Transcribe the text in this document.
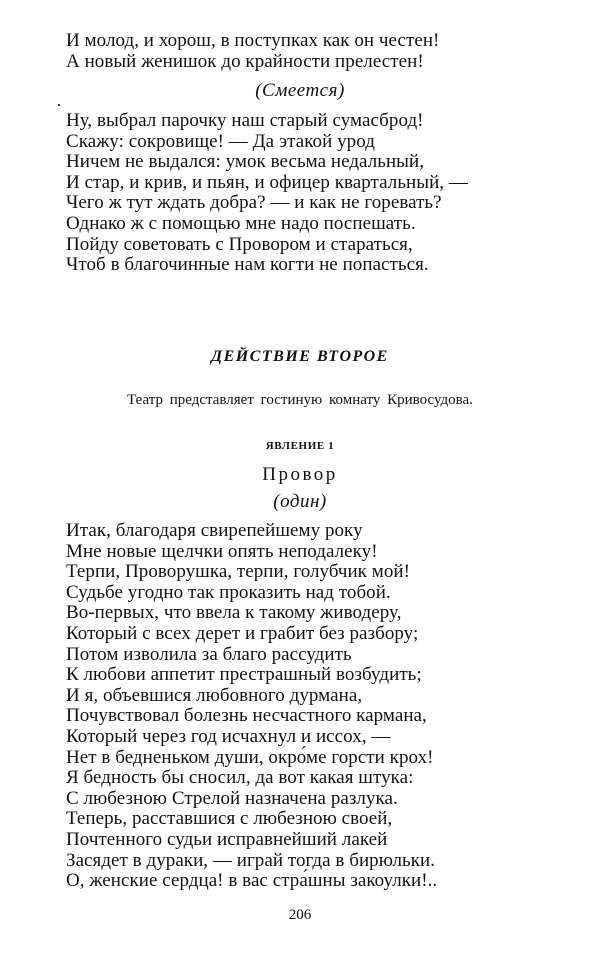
И молод, и хорош, в поступках как он честен!
А новый женишок до крайности прелестен!
(Смеется)
Ну, выбрал парочку наш старый сумасброд!
Скажу: сокровище! — Да этакой урод
Ничем не выдался: умок весьма недальный,
И стар, и крив, и пьян, и офицер квартальный, —
Чего ж тут ждать добра? — и как не горевать?
Однако ж с помощью мне надо поспешать.
Пойду советовать с Провором и стараться,
Чтоб в благочинные нам когти не попасться.
ДЕЙСТВИЕ ВТОРОЕ
Театр представляет гостиную комнату Кривосудова.
ЯВЛЕНИЕ 1
Провор
(один)
Итак, благодаря свирепейшему року
Мне новые щелчки опять неподалеку!
Терпи, Проворушка, терпи, голубчик мой!
Судьбе угодно так проказить над тобой.
Во-первых, что ввела к такому живодеру,
Который с всех дерет и грабит без разбору;
Потом изволила за благо рассудить
К любови аппетит престрашный возбудить;
И я, объевшися любовного дурмана,
Почувствовал болезнь несчастного кармана,
Который через год исчахнул и иссох, —
Нет в бедненьком души, окро́ме горсти крох!
Я бедность бы сносил, да вот какая штука:
С любезною Стрелой назначена разлука.
Теперь, расставшися с любезною своей,
Почтенного судьи исправнейший лакей
Засядет в дураки, — играй тогда в бирюльки.
О, женские сердца! в вас стра́шны закоулки!..
206
